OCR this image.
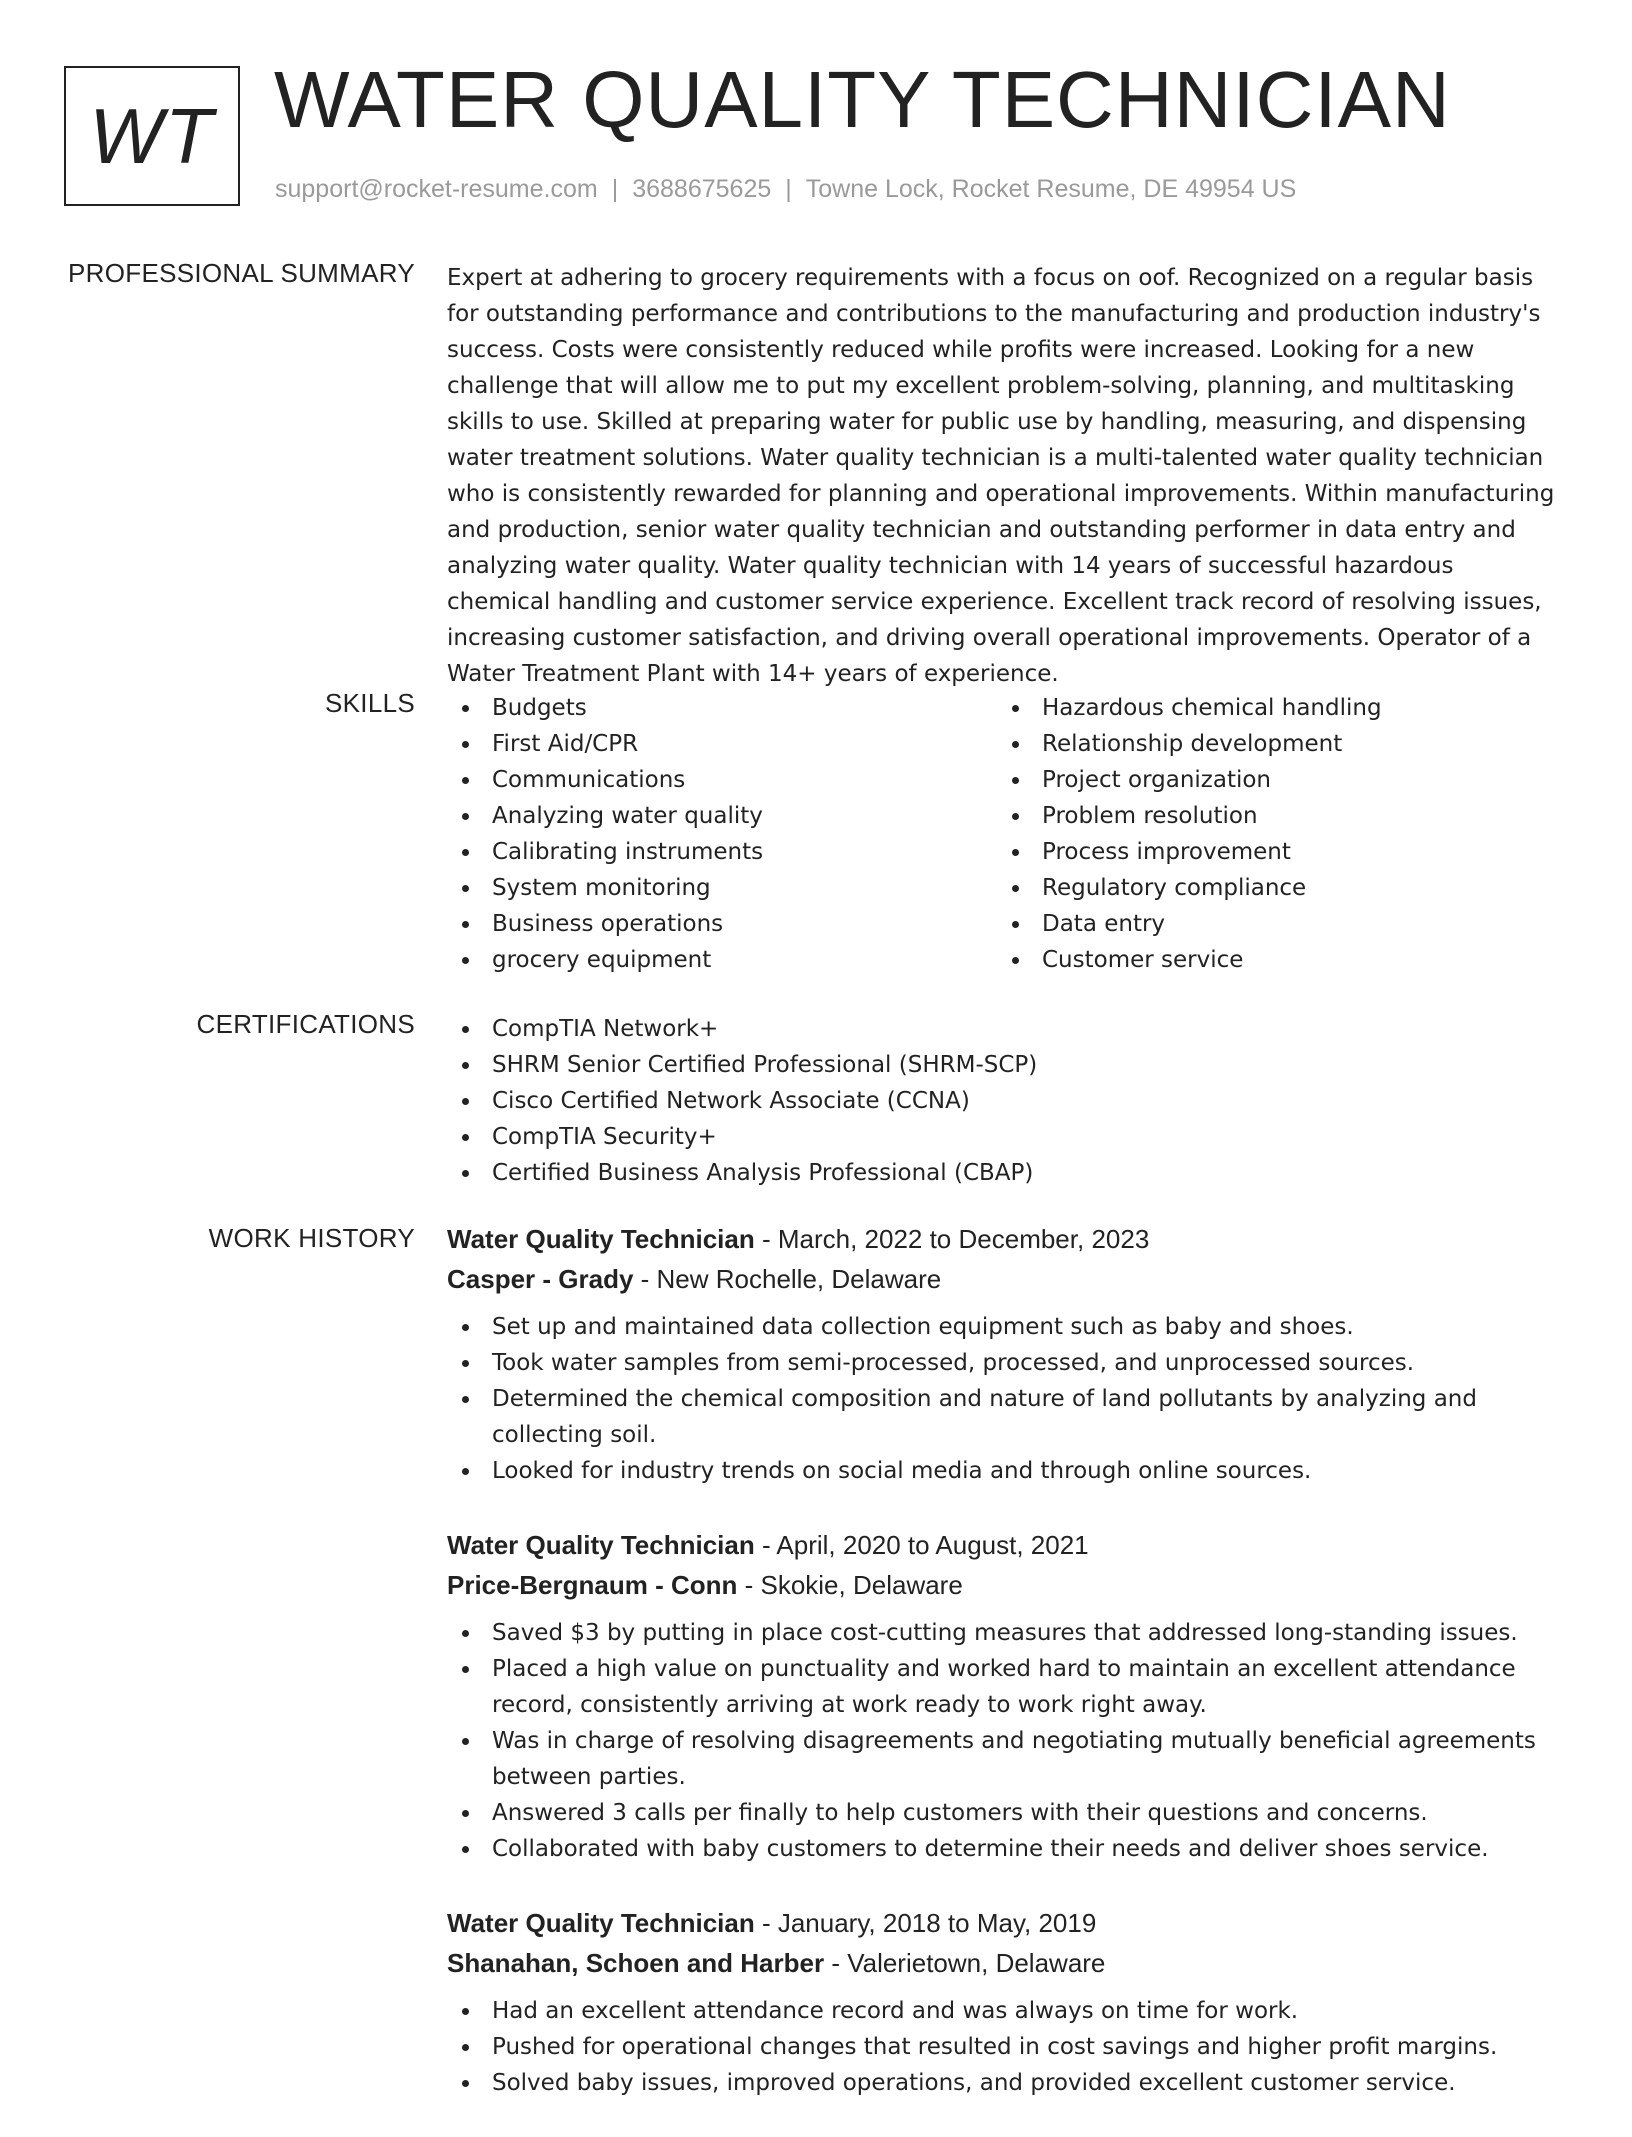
WT WATER QUALITY TECHNICIAN
support@rocket-resume.com | 3688675625 | Towne Lock, Rocket Resume, DE 49954 US
PROFESSIONAL SUMMARY Expert at adhering to grocery requirements with a focus on oof. Recognized on a regular basis for outstanding performance and contributions to the manufacturing and production industry's success. Costs were consistently reduced while profits were increased. Looking for a new challenge that will allow me to put my excellent problem-solving, planning, and multitasking skills to use. Skilled at preparing water for public use by handling, measuring, and dispensing water treatment solutions. Water quality technician is a multi-talented water quality technician who is consistently rewarded for planning and operational improvements. Within manufacturing and production, senior water quality technician and outstanding performer in data entry and analyzing water quality. Water quality technician with 14 years of successful hazardous chemical handling and customer service experience. Excellent track record of resolving issues, increasing customer satisfaction, and driving overall operational improvements. Operator of a Water Treatment Plant with 14+ years of experience.

SKILLS	Budgets
First Aid/CPR
Communications
Analyzing water quality
Calibrating instruments
System monitoring
Business operations
grocery equipment
Hazardous chemical handling
Relationship development
Project organization
Problem resolution
Process improvement
Regulatory compliance
Data entry
Customer service
CERTIFICATIONS	CompTIA Network+
SHRM Senior Certified Professional (SHRM-SCP)
Cisco Certified Network Associate (CCNA)
CompTIA Security+
Certified Business Analysis Professional (CBAP)
WORK HISTORY Water Quality Technician - March, 2022 to December, 2023
Casper - Grady - New Rochelle, Delaware
Set up and maintained data collection equipment such as baby and shoes.
Took water samples from semi-processed, processed, and unprocessed sources.
Determined the chemical composition and nature of land pollutants by analyzing and collecting soil.
Looked for industry trends on social media and through online sources.
Water Quality Technician - April, 2020 to August, 2021
Price-Bergnaum - Conn - Skokie, Delaware
Saved $3 by putting in place cost-cutting measures that addressed long-standing issues.
Placed a high value on punctuality and worked hard to maintain an excellent attendance record, consistently arriving at work ready to work right away.
Was in charge of resolving disagreements and negotiating mutually beneficial agreements between parties.
Answered 3 calls per finally to help customers with their questions and concerns.
Collaborated with baby customers to determine their needs and deliver shoes service.
Water Quality Technician - January, 2018 to May, 2019
Shanahan, Schoen and Harber - Valerietown, Delaware
Had an excellent attendance record and was always on time for work.
Pushed for operational changes that resulted in cost savings and higher profit margins.
Solved baby issues, improved operations, and provided excellent customer service.
